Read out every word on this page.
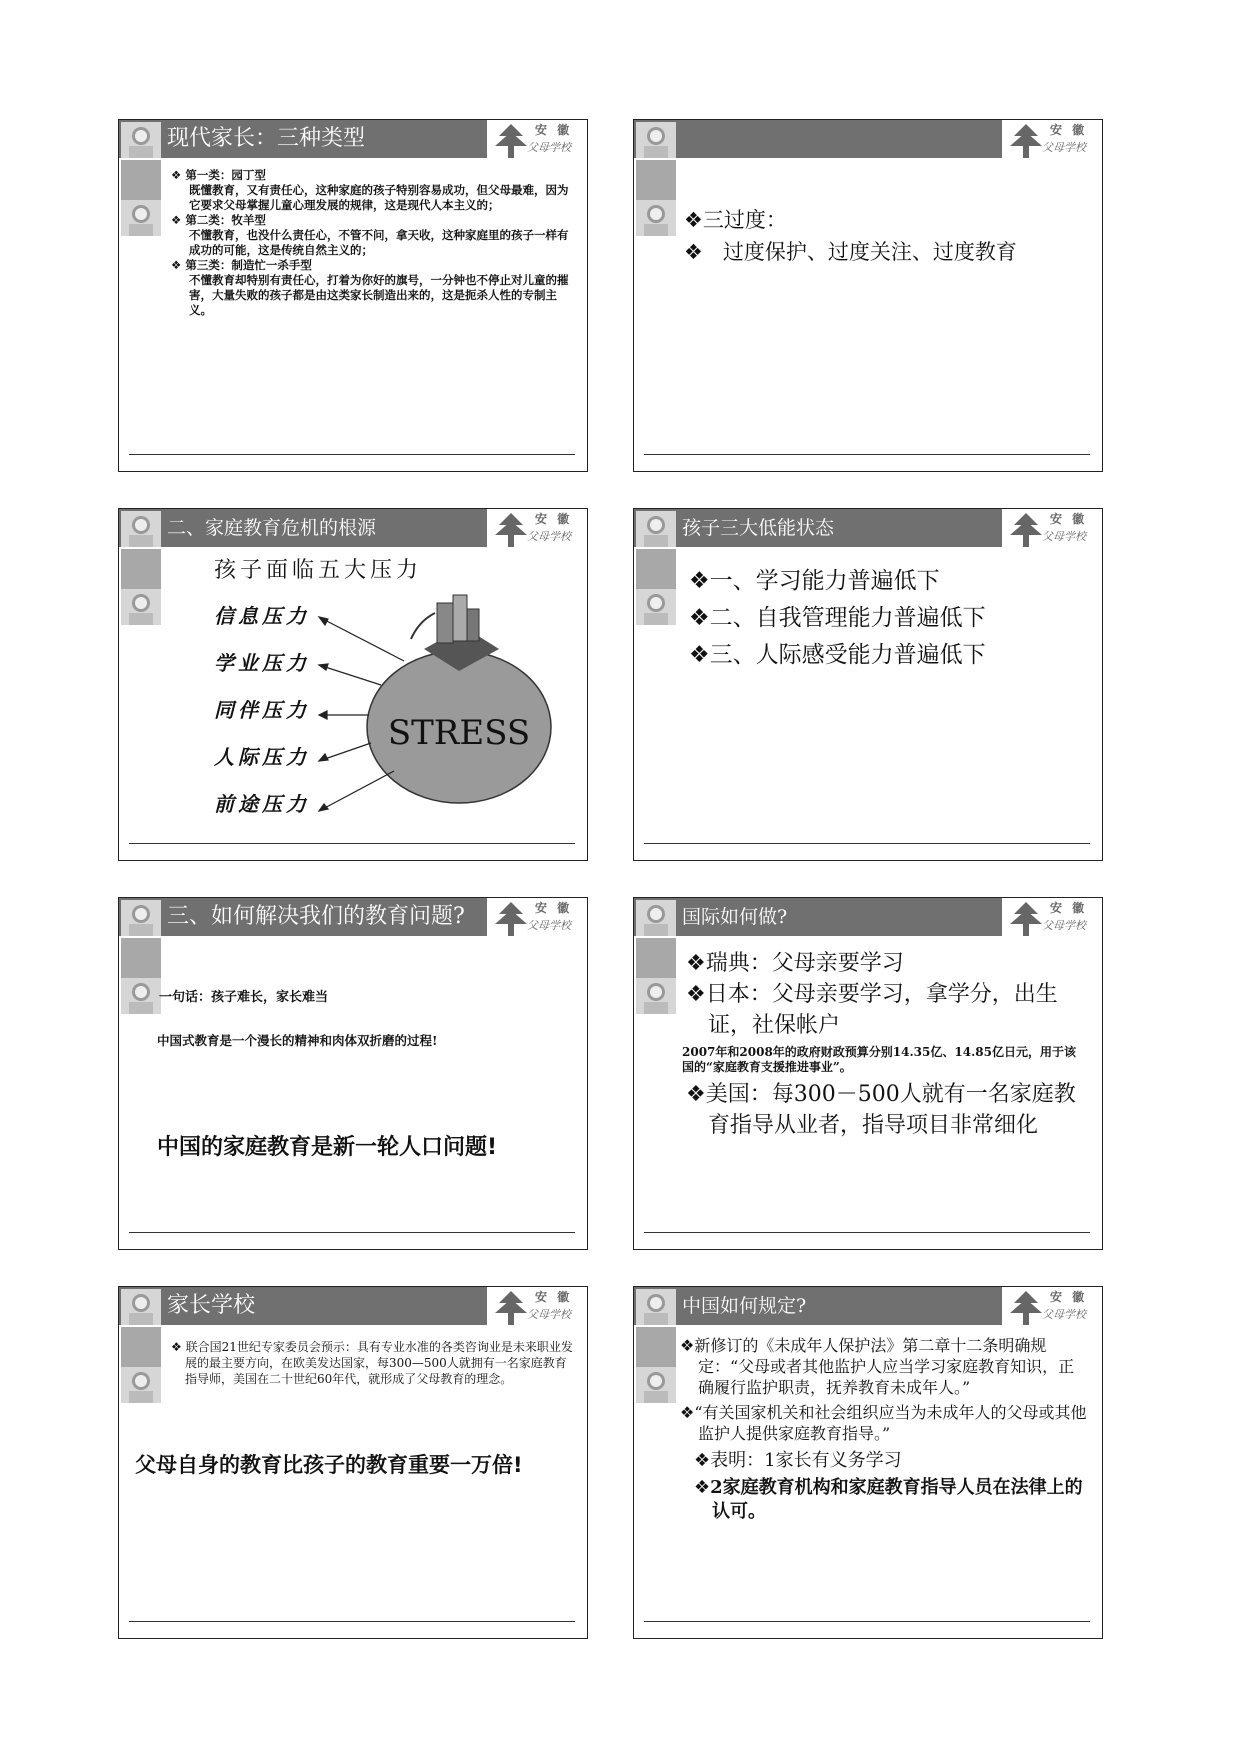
现代家长：三种类型	安 徽
父母学校

❖ 第一类：园丁型

既懂教育，又有责任心，这种家庭的孩子特别容易成功，但父母最难，因为它要求父母掌握儿童心理发展的规律，这是现代人本主义的；

❖ 第二类：牧羊型

不懂教育，也没什么责任心，不管不问，拿天收，这种家庭里的孩子一样有成功的可能，这是传统自然主义的；

❖ 第三类：制造忙一杀手型

不懂教育却特别有责任心，打着为你好的旗号，一分钟也不停止对儿童的摧害，大量失败的孩子都是由这类家长制造出来的，这是扼杀人性的专制主义。

安 徽
父母学校

❖三过度：

❖   过度保护、过度关注、过度教育

二、家庭教育危机的根源	安 徽
父母学校
孩子面临五大压力
STRESS

信息压力

学业压力

同伴压力

人际压力

前途压力

孩子三大低能状态	安 徽
父母学校

❖一、学习能力普遍低下

❖二、自我管理能力普遍低下

❖三、人际感受能力普遍低下

三、如何解决我们的教育问题?	安 徽
父母学校
一句话：孩子难长，家长难当
中国式教育是一个漫长的精神和肉体双折磨的过程!
中国的家庭教育是新一轮人口问题!
国际如何做?	安 徽
父母学校

❖瑞典：父母亲要学习

❖日本：父母亲要学习，拿学分，出生证，社保帐户

2007年和2008年的政府财政预算分别14.35亿、14.85亿日元，用于该国的“家庭教育支援推进事业”。

❖美国：每300－500人就有一名家庭教育指导从业者，指导项目非常细化

家长学校	安 徽
父母学校
❖ 联合国21世纪专家委员会预示：具有专业水准的各类咨询业是未来职业发展的最主要方向，在欧美发达国家，每300—500人就拥有一名家庭教育指导师，美国在二十世纪60年代，就形成了父母教育的理念。
父母自身的教育比孩子的教育重要一万倍!
中国如何规定?	安 徽
父母学校

❖新修订的《未成年人保护法》第二章十二条明确规定：“父母或者其他监护人应当学习家庭教育知识，正确履行监护职责，抚养教育未成年人。”

❖“有关国家机关和社会组织应当为未成年人的父母或其他监护人提供家庭教育指导。”

❖表明：1家长有义务学习

❖2家庭教育机构和家庭教育指导人员在法律上的认可。
